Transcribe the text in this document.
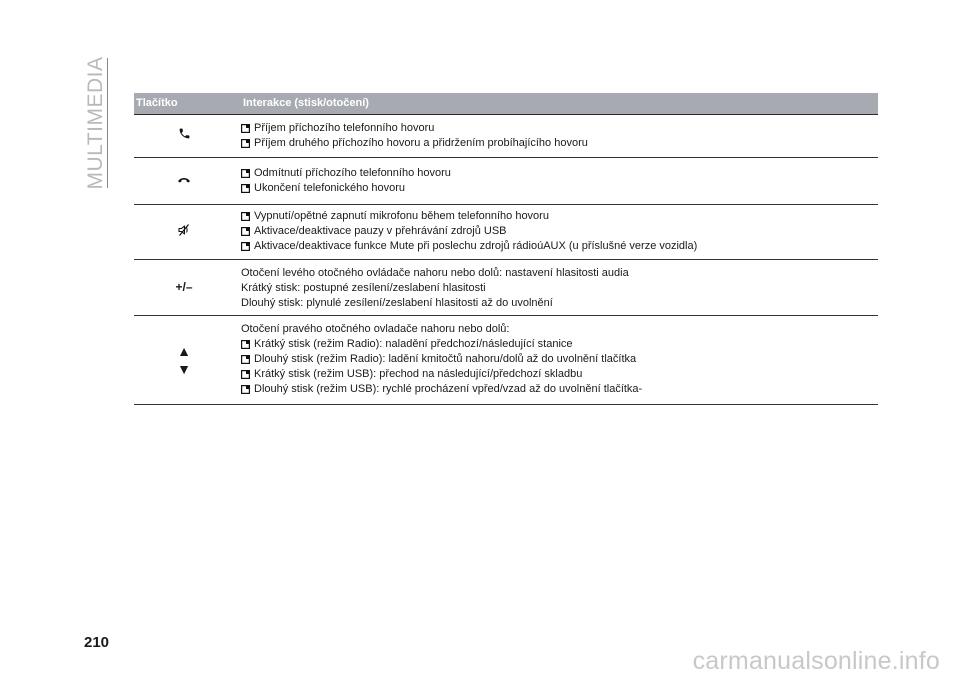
MULTIMEDIA	Tlačítko	Interakce (stisk/otočení)
Příjem příchozího telefonního hovoru
Příjem druhého příchozího hovoru a přidržením probíhajícího hovoru
Odmítnutí příchozího telefonního hovoru
Ukončení telefonického hovoru
Vypnutí/opětné zapnutí mikrofonu během telefonního hovoru
Aktivace/deaktivace pauzy v přehrávání zdrojů USB
Aktivace/deaktivace funkce Mute při poslechu zdrojů rádioúAUX (u příslušné verze vozidla)
+/–
Otočení levého otočného ovládače nahoru nebo dolů: nastavení hlasitosti audia
Krátký stisk: postupné zesílení/zeslabení hlasitosti
Dlouhý stisk: plynulé zesílení/zeslabení hlasitosti až do uvolnění
▲
▼
Otočení pravého otočného ovladače nahoru nebo dolů:
Krátký stisk (režim Radio): naladění předchozí/následující stanice
Dlouhý stisk (režim Radio): ladění kmitočtů nahoru/dolů až do uvolnění tlačítka
Krátký stisk (režim USB): přechod na následující/předchozí skladbu
Dlouhý stisk (režim USB): rychlé procházení vpřed/vzad až do uvolnění tlačítka-
210
carmanualsonline.info
